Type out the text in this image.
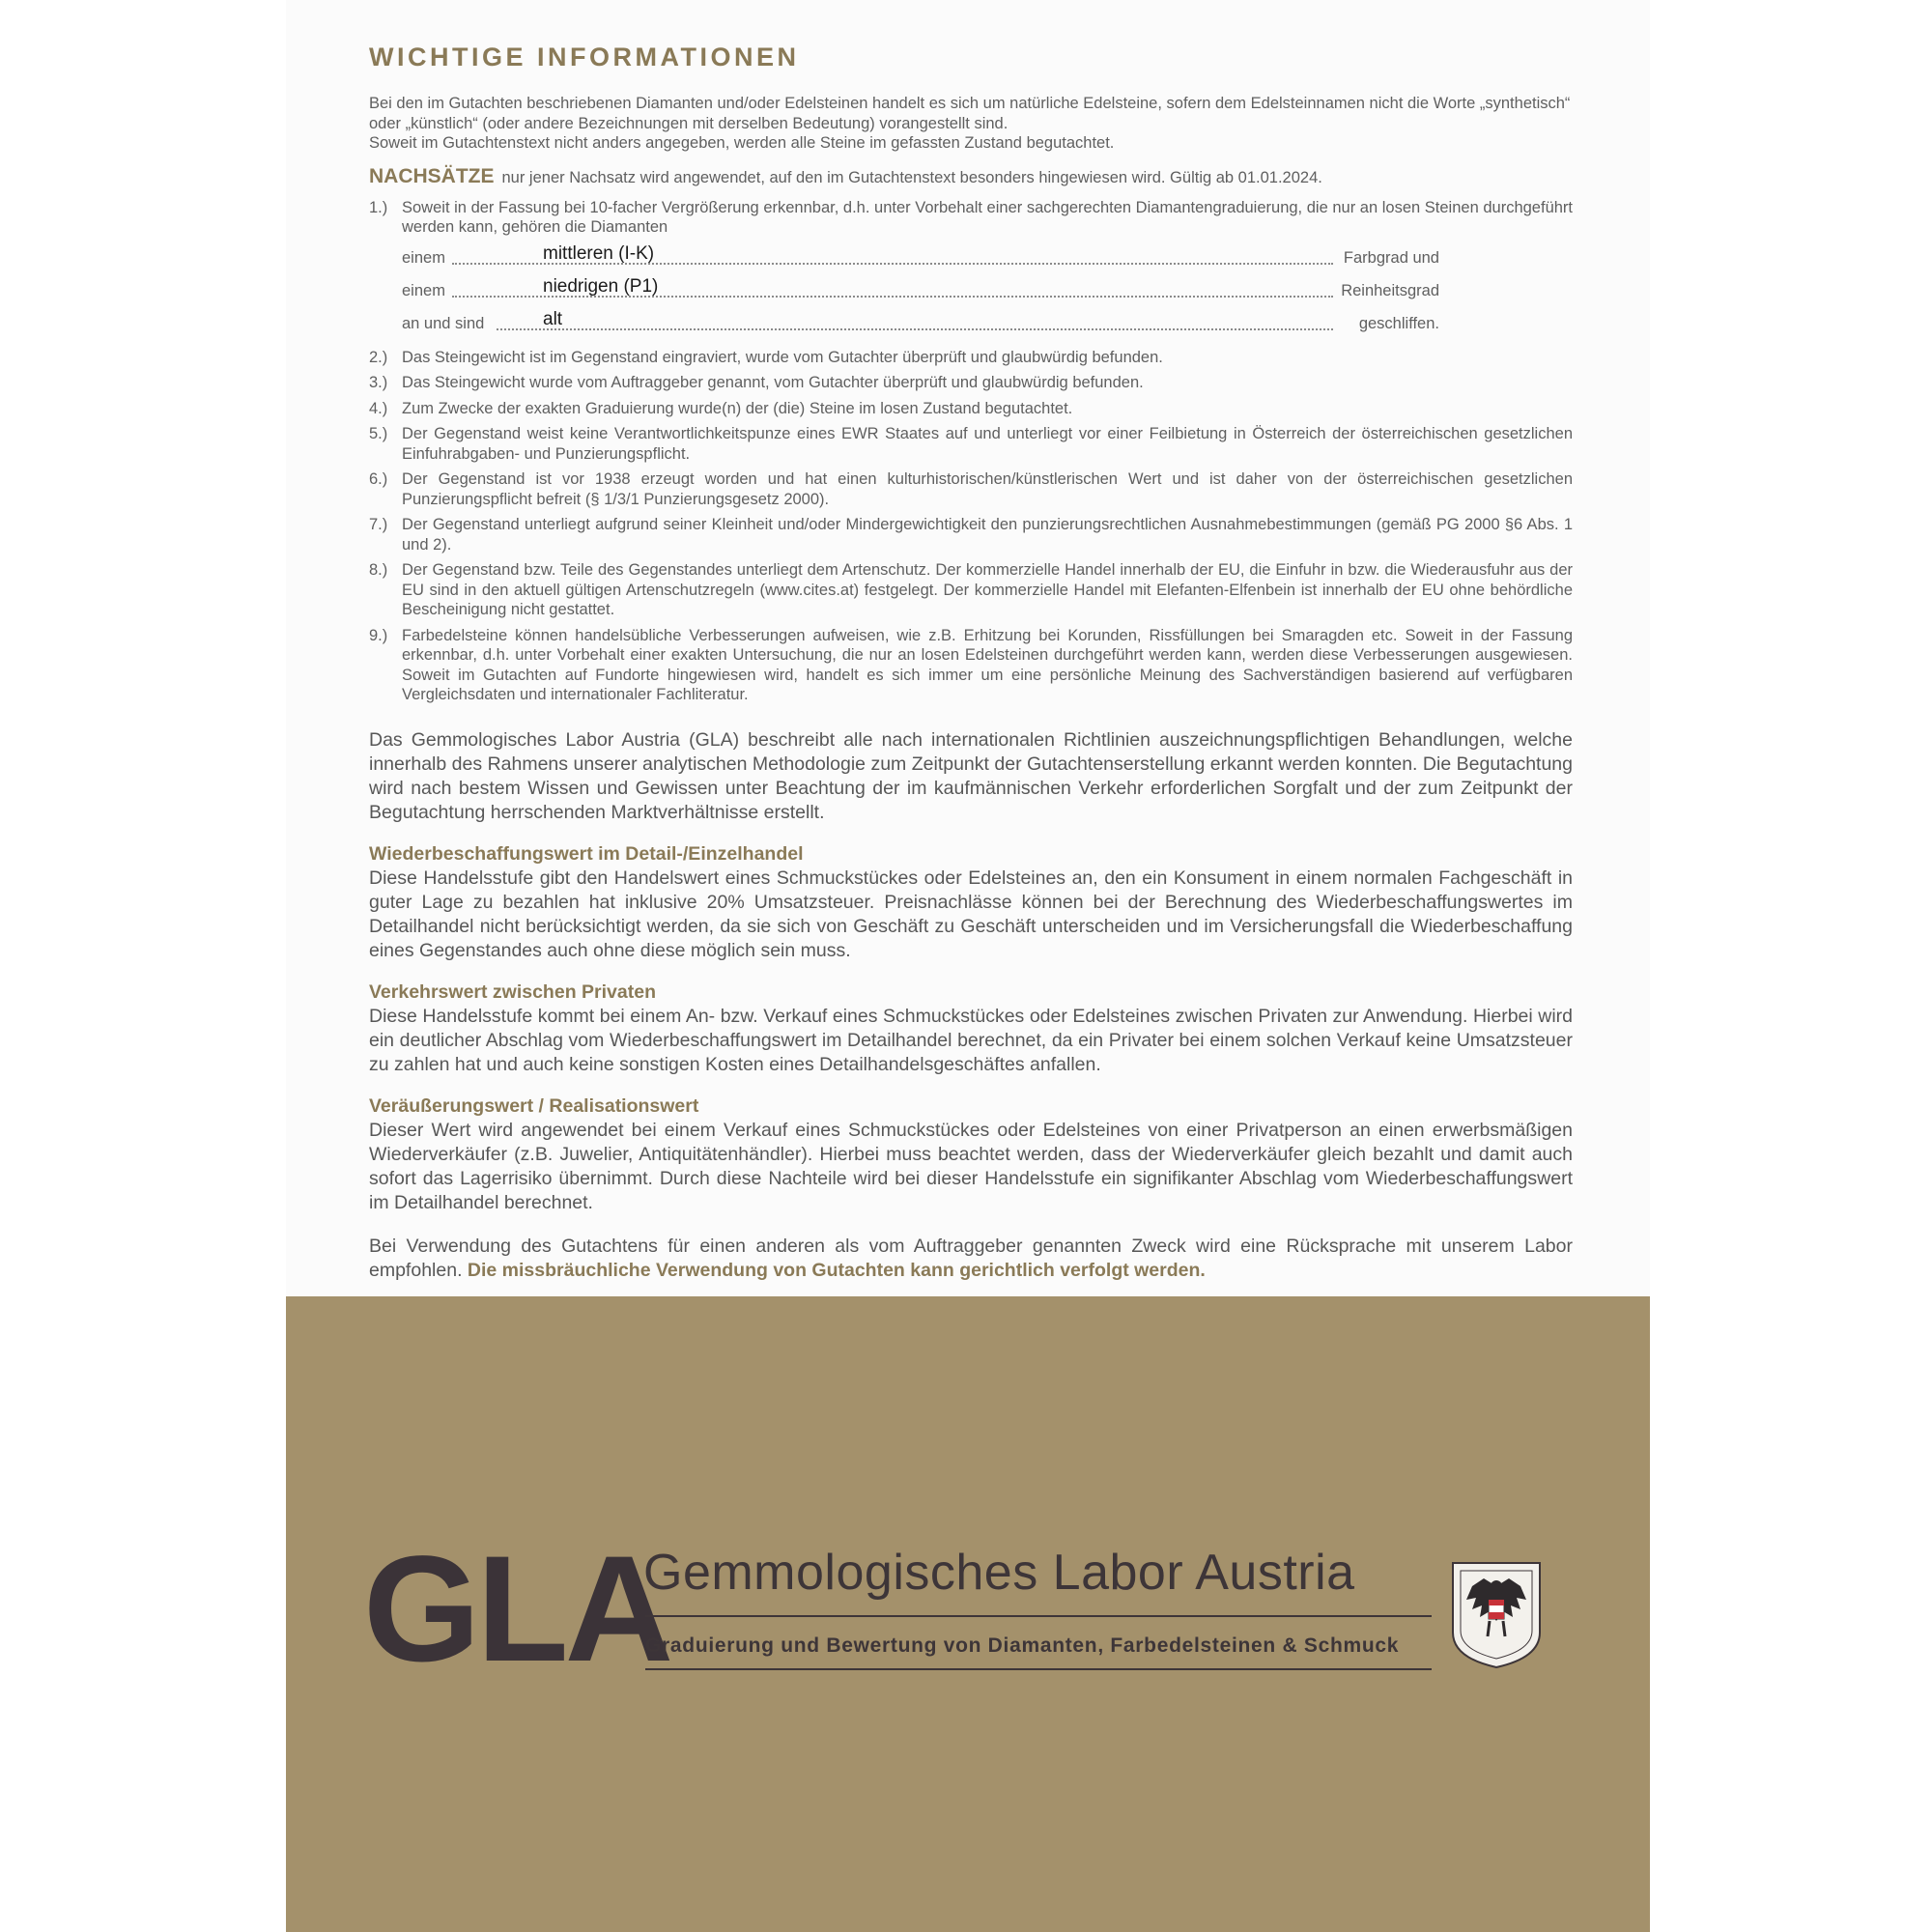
WICHTIGE INFORMATIONEN
Bei den im Gutachten beschriebenen Diamanten und/oder Edelsteinen handelt es sich um natürliche Edelsteine, sofern dem Edelsteinnamen nicht die Worte „synthetisch“ oder „künstlich“ (oder andere Bezeichnungen mit derselben Bedeutung) vorangestellt sind.
Soweit im Gutachtenstext nicht anders angegeben, werden alle Steine im gefassten Zustand begutachtet.
NACHSÄTZE nur jener Nachsatz wird angewendet, auf den im Gutachtenstext besonders hingewiesen wird. Gültig ab 01.01.2024.
1.) Soweit in der Fassung bei 10-facher Vergrößerung erkennbar, d.h. unter Vorbehalt einer sachgerechten Diamantengraduierung, die nur an losen Steinen durchgeführt werden kann, gehören die Diamanten
einem	mittleren (I-K)	Farbgrad und
einem	niedrigen (P1)	Reinheitsgrad
an und sind	alt	geschliffen.
2.) Das Steingewicht ist im Gegenstand eingraviert, wurde vom Gutachter überprüft und glaubwürdig befunden.
3.) Das Steingewicht wurde vom Auftraggeber genannt, vom Gutachter überprüft und glaubwürdig befunden.
4.) Zum Zwecke der exakten Graduierung wurde(n) der (die) Steine im losen Zustand begutachtet.
5.) Der Gegenstand weist keine Verantwortlichkeitspunze eines EWR Staates auf und unterliegt vor einer Feilbietung in Österreich der österreichischen gesetzlichen Einfuhrabgaben- und Punzierungspflicht.
6.) Der Gegenstand ist vor 1938 erzeugt worden und hat einen kulturhistorischen/künstlerischen Wert und ist daher von der österreichischen gesetzlichen Punzierungspflicht befreit (§ 1/3/1 Punzierungsgesetz 2000).
7.) Der Gegenstand unterliegt aufgrund seiner Kleinheit und/oder Mindergewichtigkeit den punzierungsrechtlichen Ausnahmebestimmungen (gemäß PG 2000 §6 Abs. 1 und 2).
8.) Der Gegenstand bzw. Teile des Gegenstandes unterliegt dem Artenschutz. Der kommerzielle Handel innerhalb der EU, die Einfuhr in bzw. die Wiederausfuhr aus der EU sind in den aktuell gültigen Artenschutzregeln (www.cites.at) festgelegt. Der kommerzielle Handel mit Elefanten-Elfenbein ist innerhalb der EU ohne behördliche Bescheinigung nicht gestattet.
9.) Farbedelsteine können handelsübliche Verbesserungen aufweisen, wie z.B. Erhitzung bei Korunden, Rissfüllungen bei Smaragden etc. Soweit in der Fassung erkennbar, d.h. unter Vorbehalt einer exakten Untersuchung, die nur an losen Edelsteinen durchgeführt werden kann, werden diese Verbesserungen ausgewiesen. Soweit im Gutachten auf Fundorte hingewiesen wird, handelt es sich immer um eine persönliche Meinung des Sachverständigen basierend auf verfügbaren Vergleichsdaten und internationaler Fachliteratur.
Das Gemmologisches Labor Austria (GLA) beschreibt alle nach internationalen Richtlinien auszeichnungspflichtigen Behandlungen, welche innerhalb des Rahmens unserer analytischen Methodologie zum Zeitpunkt der Gutachtenserstellung erkannt werden konnten. Die Begutachtung wird nach bestem Wissen und Gewissen unter Beachtung der im kaufmännischen Verkehr erforderlichen Sorgfalt und der zum Zeitpunkt der Begutachtung herrschenden Marktverhältnisse erstellt.
Wiederbeschaffungswert im Detail-/Einzelhandel
Diese Handelsstufe gibt den Handelswert eines Schmuckstückes oder Edelsteines an, den ein Konsument in einem normalen Fachgeschäft in guter Lage zu bezahlen hat inklusive 20% Umsatzsteuer. Preisnachlässe können bei der Berechnung des Wiederbeschaffungswertes im Detailhandel nicht berücksichtigt werden, da sie sich von Geschäft zu Geschäft unterscheiden und im Versicherungsfall die Wiederbeschaffung eines Gegenstandes auch ohne diese möglich sein muss.
Verkehrswert zwischen Privaten
Diese Handelsstufe kommt bei einem An- bzw. Verkauf eines Schmuckstückes oder Edelsteines zwischen Privaten zur Anwendung. Hierbei wird ein deutlicher Abschlag vom Wiederbeschaffungswert im Detailhandel berechnet, da ein Privater bei einem solchen Verkauf keine Umsatzsteuer zu zahlen hat und auch keine sonstigen Kosten eines Detailhandelsgeschäftes anfallen.
Veräußerungswert / Realisationswert
Dieser Wert wird angewendet bei einem Verkauf eines Schmuckstückes oder Edelsteines von einer Privatperson an einen erwerbsmäßigen Wiederverkäufer (z.B. Juwelier, Antiquitätenhändler). Hierbei muss beachtet werden, dass der Wiederverkäufer gleich bezahlt und damit auch sofort das Lagerrisiko übernimmt. Durch diese Nachteile wird bei dieser Handelsstufe ein signifikanter Abschlag vom Wiederbeschaffungswert im Detailhandel berechnet.
Bei Verwendung des Gutachtens für einen anderen als vom Auftraggeber genannten Zweck wird eine Rücksprache mit unserem Labor empfohlen. Die missbräuchliche Verwendung von Gutachten kann gerichtlich verfolgt werden.
GLA
Gemmologisches Labor Austria
Graduierung und Bewertung von Diamanten, Farbedelsteinen & Schmuck
